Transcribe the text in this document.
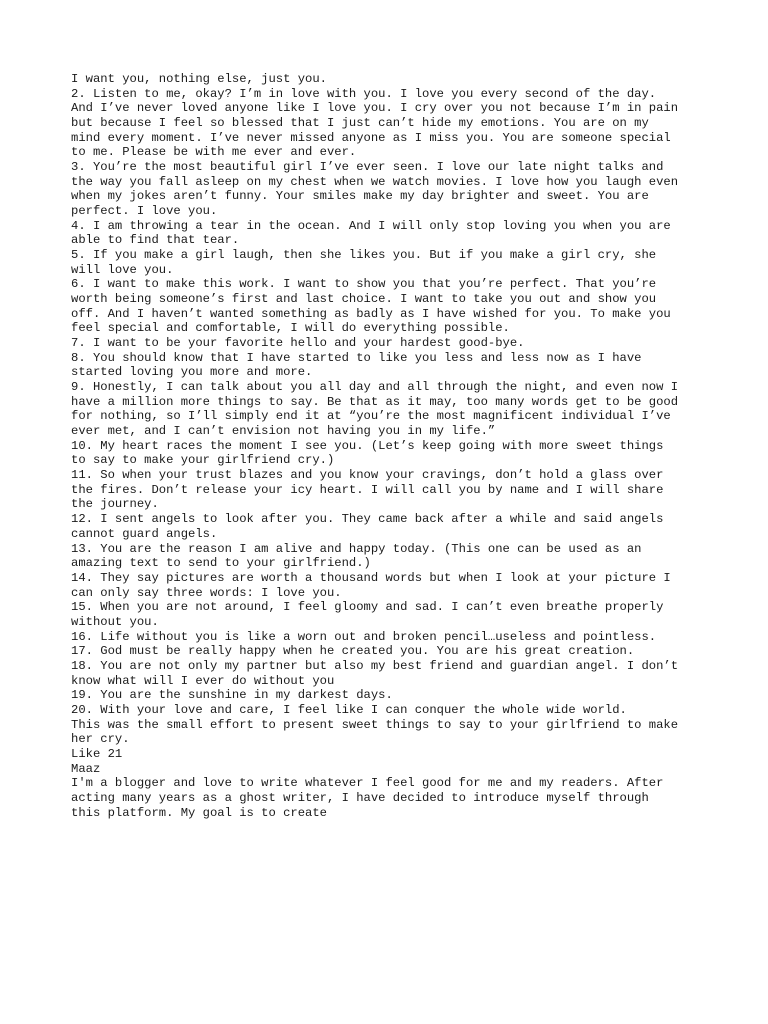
I want you, nothing else, just you.
2. Listen to me, okay? I’m in love with you. I love you every second of the day.
And I’ve never loved anyone like I love you. I cry over you not because I’m in pain
but because I feel so blessed that I just can’t hide my emotions. You are on my
mind every moment. I’ve never missed anyone as I miss you. You are someone special
to me. Please be with me ever and ever.
3. You’re the most beautiful girl I’ve ever seen. I love our late night talks and
the way you fall asleep on my chest when we watch movies. I love how you laugh even
when my jokes aren’t funny. Your smiles make my day brighter and sweet. You are
perfect. I love you.
4. I am throwing a tear in the ocean. And I will only stop loving you when you are
able to find that tear.
5. If you make a girl laugh, then she likes you. But if you make a girl cry, she
will love you.
6. I want to make this work. I want to show you that you’re perfect. That you’re
worth being someone’s first and last choice. I want to take you out and show you
off. And I haven’t wanted something as badly as I have wished for you. To make you
feel special and comfortable, I will do everything possible.
7. I want to be your favorite hello and your hardest good-bye.
8. You should know that I have started to like you less and less now as I have
started loving you more and more.
9. Honestly, I can talk about you all day and all through the night, and even now I
have a million more things to say. Be that as it may, too many words get to be good
for nothing, so I’ll simply end it at “you’re the most magnificent individual I’ve
ever met, and I can’t envision not having you in my life.”
10. My heart races the moment I see you. (Let’s keep going with more sweet things
to say to make your girlfriend cry.)
11. So when your trust blazes and you know your cravings, don’t hold a glass over
the fires. Don’t release your icy heart. I will call you by name and I will share
the journey.
12. I sent angels to look after you. They came back after a while and said angels
cannot guard angels.
13. You are the reason I am alive and happy today. (This one can be used as an
amazing text to send to your girlfriend.)
14. They say pictures are worth a thousand words but when I look at your picture I
can only say three words: I love you.
15. When you are not around, I feel gloomy and sad. I can’t even breathe properly
without you.
16. Life without you is like a worn out and broken pencil…useless and pointless.
17. God must be really happy when he created you. You are his great creation.
18. You are not only my partner but also my best friend and guardian angel. I don’t
know what will I ever do without you
19. You are the sunshine in my darkest days.
20. With your love and care, I feel like I can conquer the whole wide world.
This was the small effort to present sweet things to say to your girlfriend to make
her cry.
Like 21
Maaz
I'm a blogger and love to write whatever I feel good for me and my readers. After
acting many years as a ghost writer, I have decided to introduce myself through
this platform. My goal is to create
